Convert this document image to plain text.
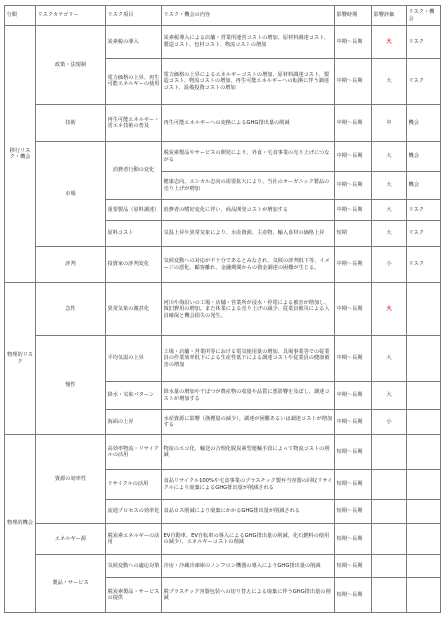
分類	リスクカテゴリー	リスク項目	リスク・機会の内容	影響時期	影響評価	リスク・機会
移行リスク・機会	政策・法規制	炭素税の導入	炭素税導入による店舗・営業所運営コストの増加、原材料調達コスト、製造コスト、包材コスト、物流コストの増加	中期～長期	大	リスク
		電力価格の上昇、再生可能エネルギーの使用	電力価格の上昇によるエネルギーコストの増加、原材料調達コスト、製造コスト、物流コストの増加、再生可能エネルギーへの転換に伴う調達コスト、設備投資コストの増加	中期～長期	大	リスク
	技術	再生可能エネルギー・省エネ技術の普及	再生可能エネルギーへの変換によるGHG排出量の削減	中期～長期	中	機会
	市場	消費者行動の変化	脱炭素製品やサービスの開発により、外食・宅食事業の売り上げにつながる	中期～長期	大	機会
			健康志向、エシカル志向の需要拡大により、当社のオーガニック製品の売り上げが増加	中期～長期	大	機会
		重要製品（原料調達）	消費者の嗜好変化に伴い、商品開発コストが増加する	中期～長期	大	リスク
		原料コスト	気温上昇や異常気象により、水産資源、主産物、輸入食材の価格上昇	短期	大	リスク
	評判	投資家の評判変化	気候変動への対応が不十分であるとみなされ、気候の評判低下等、イメージの悪化、顧客離れ、金融期間からの資金調達の困難が生じる。	中期～長期	小	リスク
物理的リスク	急性	異常気象の激甚化	河川や海沿いの工場・店舗・営業所が浸水・停電による被害が増加し、復旧費用の増加。また休業による売り上げの減少、従業員被災による人員確保と機会損失の発生。	中期～長期	大	
	慢性	平均気温の上昇	工場・店舗・営業所等における電気使用量の増加、具場事業等での従業員の作業効率低下による生産性低下による調達コストや従業員の健康被害の増加	中期～長期	大	
		降水・気象パターン	降水量の増加や干ばつが農産物の収量や品質に悪影響を及ぼし、調達コストが増加する	中期～長期	大	
		海面の上昇	水産資源に影響（漁獲量の減少）、調達が困難あるいは調達コストが増加する	中期～長期	小	
物理的機会	資源の効率性	高効率物流・リサイクルの活用	物流のエコ化、輸送の合理化脱炭素型運輸手段によって物流コストの削減	短期～長期		
		リサイクルの活用	食品リサイクル100%や宅食事業のプラスチック製弁当容器の回収リサイクルにより廃棄によるGHG排出量が削減される	短期～長期		
		流通プロセスの効率化	食品ロス削減により廃棄にかかるGHG排出量が削減される	短期～長期		
	エネルギー源	脱炭素エネルギーの活用	EV自動車、EV自転車の導入によるGHG排出量の削減、化石燃料の使用の減少）、エネルギーコストの削減	短期～長期		
	製品・サービス	気候変動への適応対策	冷房・冷蔵冷凍庫のノンフロン機器の導入によりGHG排出量の削減	短期～長期		
		脱炭素製品・サービスの提供	脱プラスチック容器包装への切り替えによる廃棄に伴うGHG排出量の削減	短期～長期		
